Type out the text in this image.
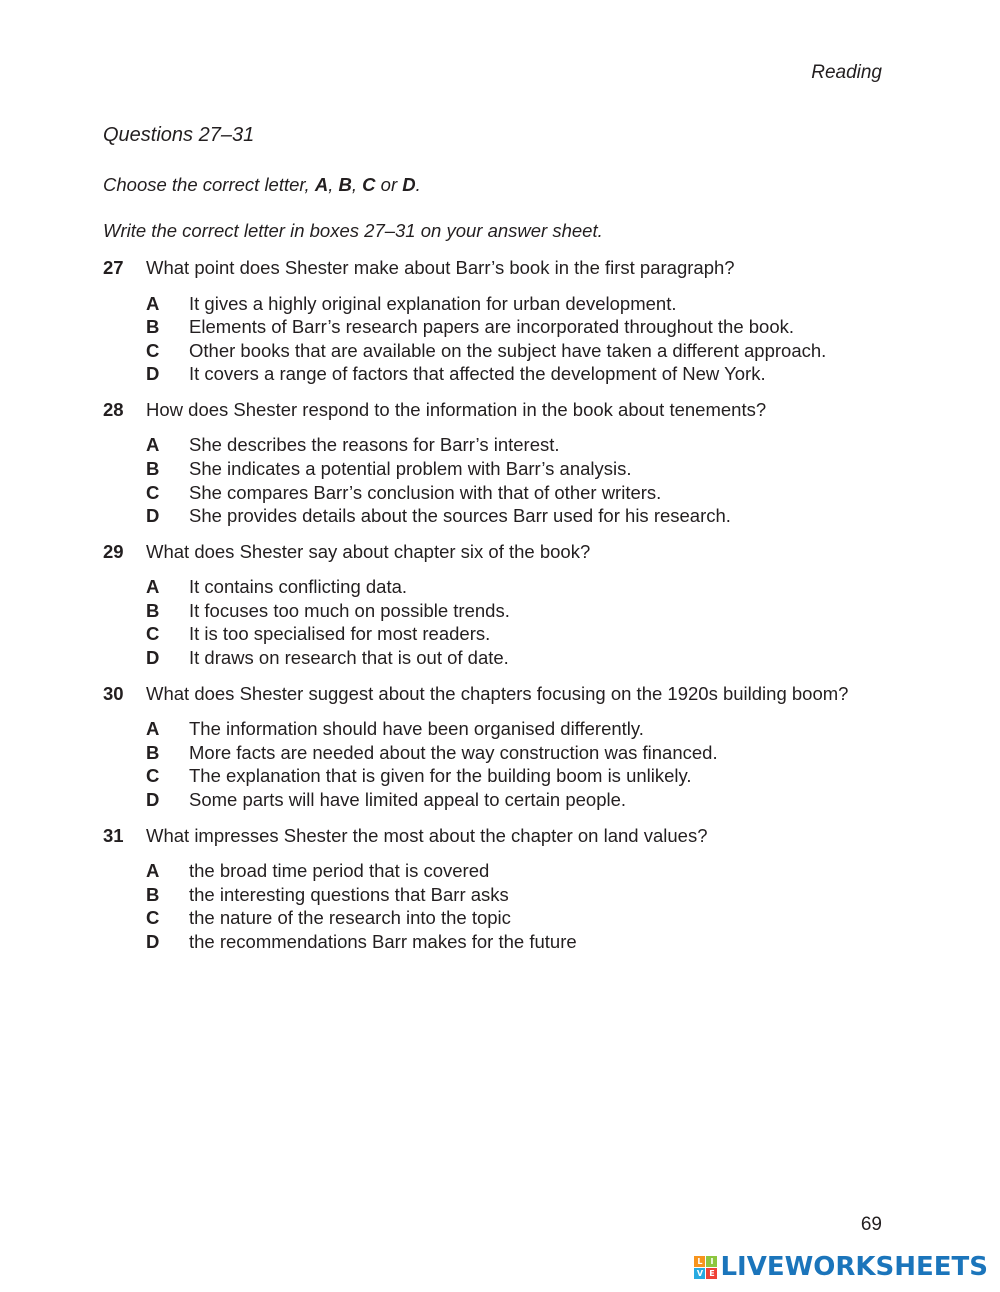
Reading
Questions 27–31
Choose the correct letter, A, B, C or D.
Write the correct letter in boxes 27–31 on your answer sheet.
27	What point does Shester make about Barr’s book in the first paragraph?
A	It gives a highly original explanation for urban development.
B	Elements of Barr’s research papers are incorporated throughout the book.
C	Other books that are available on the subject have taken a different approach.
D	It covers a range of factors that affected the development of New York.
28	How does Shester respond to the information in the book about tenements?
A	She describes the reasons for Barr’s interest.
B	She indicates a potential problem with Barr’s analysis.
C	She compares Barr’s conclusion with that of other writers.
D	She provides details about the sources Barr used for his research.
29	What does Shester say about chapter six of the book?
A	It contains conflicting data.
B	It focuses too much on possible trends.
C	It is too specialised for most readers.
D	It draws on research that is out of date.
30	What does Shester suggest about the chapters focusing on the 1920s building boom?
A	The information should have been organised differently.
B	More facts are needed about the way construction was financed.
C	The explanation that is given for the building boom is unlikely.
D	Some parts will have limited appeal to certain people.
31	What impresses Shester the most about the chapter on land values?
A	the broad time period that is covered
B	the interesting questions that Barr asks
C	the nature of the research into the topic
D	the recommendations Barr makes for the future
69
L I
V E LIVEWORKSHEETS
